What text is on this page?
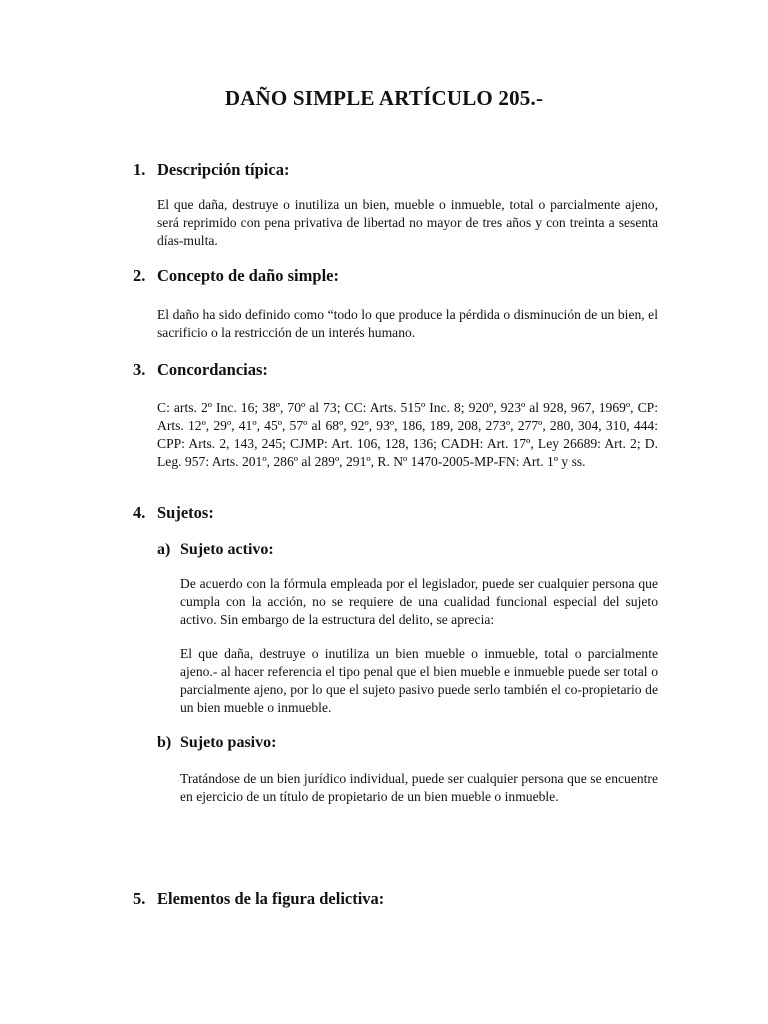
DAÑO SIMPLE ARTÍCULO 205.-
1. Descripción típica:
El que daña, destruye o inutiliza un bien, mueble o inmueble, total o parcialmente ajeno, será reprimido con pena privativa de libertad no mayor de tres años y con treinta a sesenta días-multa.
2. Concepto de daño simple:
El daño ha sido definido como “todo lo que produce la pérdida o disminución de un bien, el sacrificio o la restricción de un interés humano.
3. Concordancias:
C: arts. 2º Inc. 16; 38º, 70º al 73; CC: Arts. 515º Inc. 8; 920º, 923º al 928, 967, 1969º, CP: Arts. 12º, 29º, 41º, 45º, 57º al 68º, 92º, 93º, 186, 189, 208, 273º, 277º, 280, 304, 310, 444: CPP: Arts. 2, 143, 245; CJMP: Art. 106, 128, 136; CADH: Art. 17º, Ley 26689: Art. 2; D. Leg. 957: Arts. 201º, 286º al 289º, 291º, R. Nº 1470-2005-MP-FN: Art. 1º y ss.
4. Sujetos:
a) Sujeto activo:
De acuerdo con la fórmula empleada por el legislador, puede ser cualquier persona que cumpla con la acción, no se requiere de una cualidad funcional especial del sujeto activo. Sin embargo de la estructura del delito, se aprecia:
El que daña, destruye o inutiliza un bien mueble o inmueble, total o parcialmente ajeno.- al hacer referencia el tipo penal que el bien mueble e inmueble puede ser total o parcialmente ajeno, por lo que el sujeto pasivo puede serlo también el co-propietario de un bien mueble o inmueble.
b) Sujeto pasivo:
Tratándose de un bien jurídico individual, puede ser cualquier persona que se encuentre en ejercicio de un título de propietario de un bien mueble o inmueble.
5. Elementos de la figura delictiva:
